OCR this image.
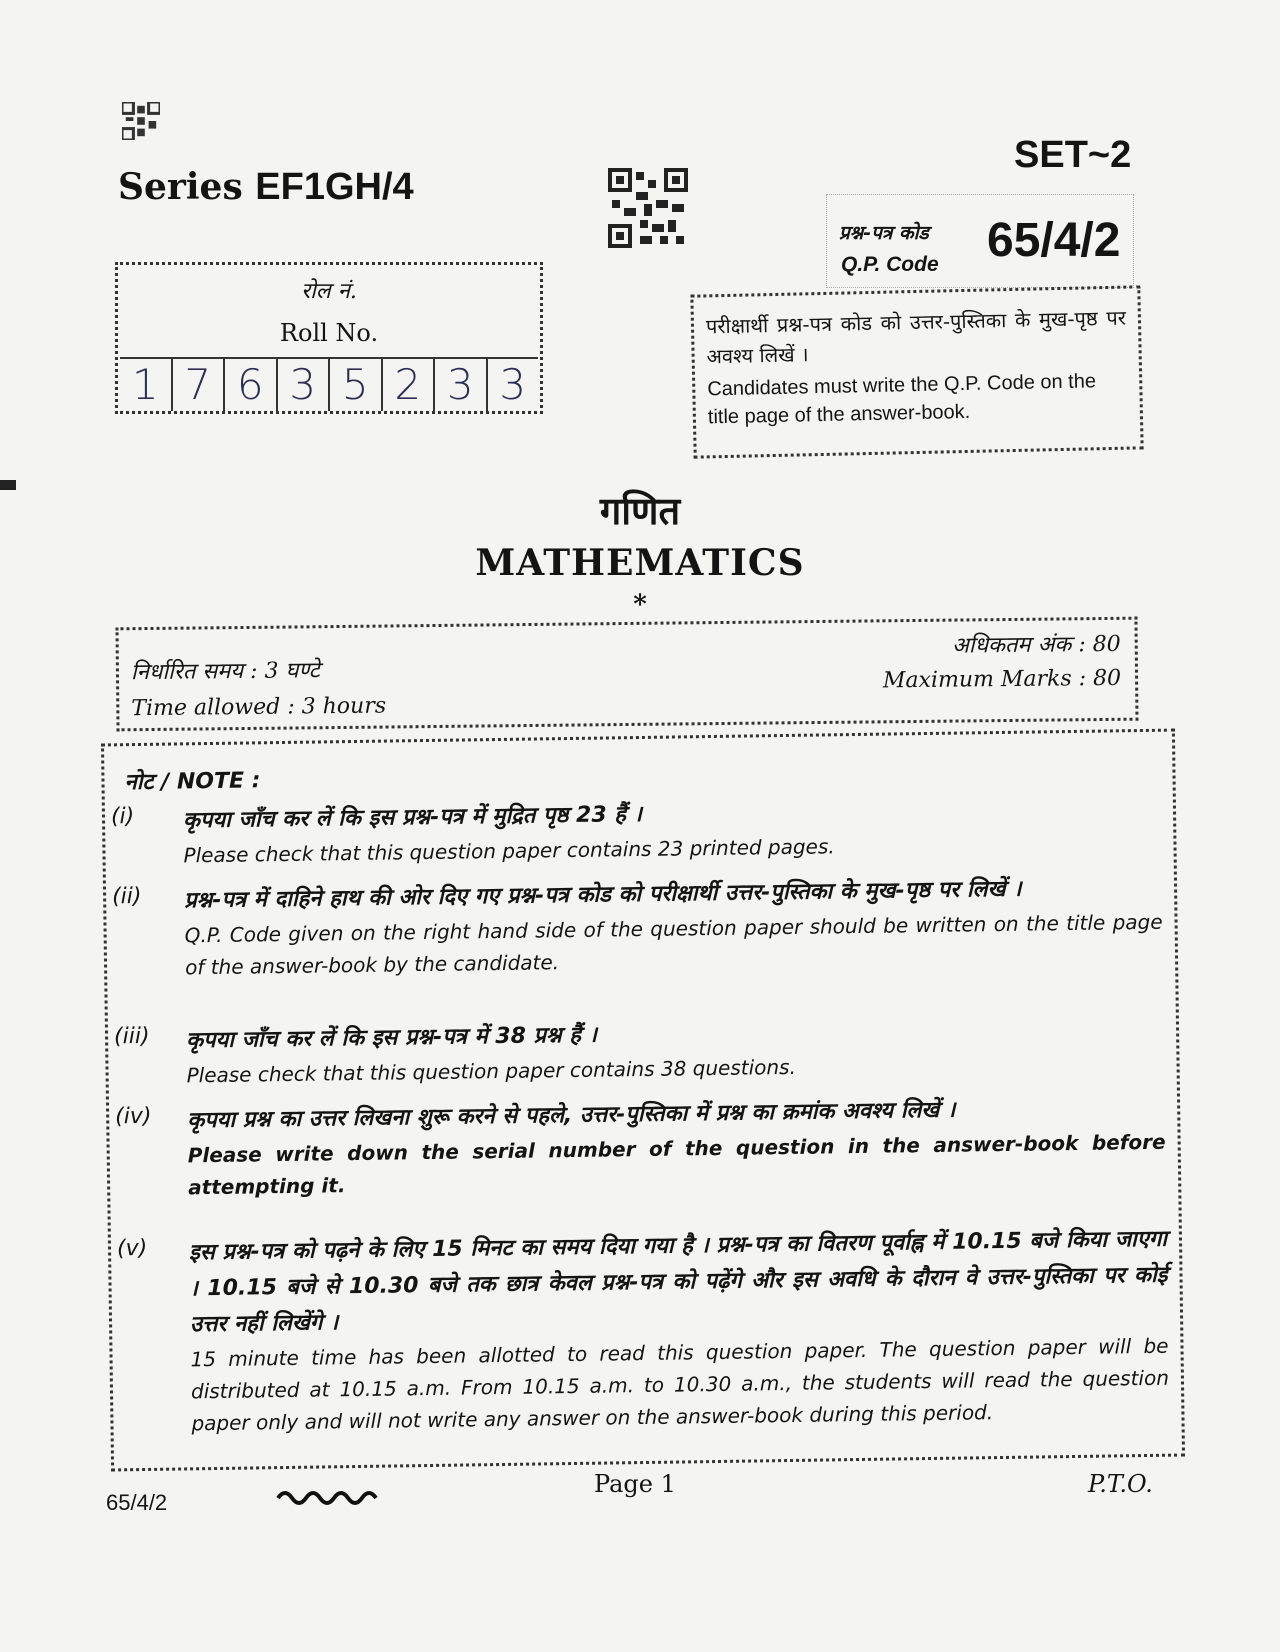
Series EF1GH/4
SET~2
प्रश्न-पत्र कोड
Q.P. Code 65/4/2
रोल नं.
Roll No.
1 7 6 3 5 2 3 3
परीक्षार्थी प्रश्न-पत्र कोड को उत्तर-पुस्तिका के मुख-पृष्ठ पर अवश्य लिखें ।
Candidates must write the Q.P. Code on the title page of the answer-book.
गणित
MATHEMATICS
*
निर्धारित समय : 3 घण्टे
Time allowed : 3 hours
अधिकतम अंक : 80
Maximum Marks : 80
नोट / NOTE :
(i) कृपया जाँच कर लें कि इस प्रश्न-पत्र में मुद्रित पृष्ठ 23 हैं ।
Please check that this question paper contains 23 printed pages.
(ii) प्रश्न-पत्र में दाहिने हाथ की ओर दिए गए प्रश्न-पत्र कोड को परीक्षार्थी उत्तर-पुस्तिका के मुख-पृष्ठ पर लिखें ।
Q.P. Code given on the right hand side of the question paper should be written on the title page of the answer-book by the candidate.
(iii) कृपया जाँच कर लें कि इस प्रश्न-पत्र में 38 प्रश्न हैं ।
Please check that this question paper contains 38 questions.
(iv) कृपया प्रश्न का उत्तर लिखना शुरू करने से पहले, उत्तर-पुस्तिका में प्रश्न का क्रमांक अवश्य लिखें ।
Please write down the serial number of the question in the answer-book before attempting it.
(v) इस प्रश्न-पत्र को पढ़ने के लिए 15 मिनट का समय दिया गया है । प्रश्न-पत्र का वितरण पूर्वाह्न में 10.15 बजे किया जाएगा । 10.15 बजे से 10.30 बजे तक छात्र केवल प्रश्न-पत्र को पढ़ेंगे और इस अवधि के दौरान वे उत्तर-पुस्तिका पर कोई उत्तर नहीं लिखेंगे ।
15 minute time has been allotted to read this question paper. The question paper will be distributed at 10.15 a.m. From 10.15 a.m. to 10.30 a.m., the students will read the question paper only and will not write any answer on the answer-book during this period.
65/4/2
Page 1	P.T.O.
